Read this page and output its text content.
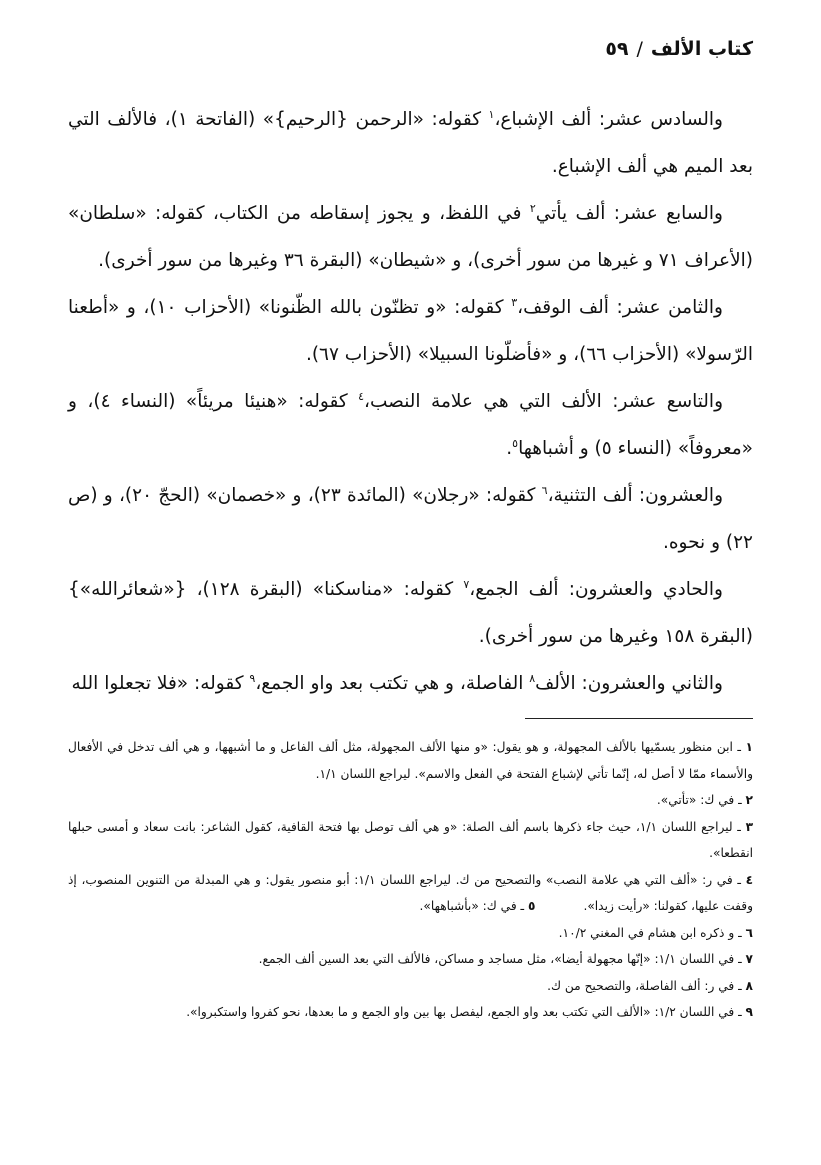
كتاب الألف/٥٩

والسادس عشر: ألف الإشباع،$^١$ كقوله: «الرحمن {الرحيم}» (الفاتحة ١)، فالألف التي بعد الميم هي ألف الإشباع.

والسابع عشر: ألف يأتي$^٢$ في اللفظ، و يجوز إسقاطه من الكتاب، كقوله: «سلطان» (الأعراف ٧١ و غيرها من سور أخرى)، و «شيطان» (البقرة ٣٦ وغيرها من سور أخرى).

والثامن عشر: ألف الوقف،$^٣$ كقوله: «و تظنّون بالله الظّنونا» (الأحزاب ١٠)، و «أطعنا الرّسولا» (الأحزاب ٦٦)، و «فأضلّونا السبيلا» (الأحزاب ٦٧).

والتاسع عشر: الألف التي هي علامة النصب،$^٤$ كقوله: «هنيئا مريئاً» (النساء ٤)، و «معروفاً» (النساء ٥) و أشباهها$^٥$.

والعشرون: ألف التثنية،$^٦$ كقوله: «رجلان» (المائدة ٢٣)، و «خصمان» (الحجّ ٢٠)، و (ص ٢٢) و نحوه.

والحادي والعشرون: ألف الجمع،$^٧$ كقوله: «مناسكنا» (البقرة ١٢٨)، {«شعائرالله»} (البقرة ١٥٨ وغيرها من سور أخرى).

والثاني والعشرون: الألف$^٨$ الفاصلة، و هي تكتب بعد واو الجمع،$^٩$ كقوله: «فلا تجعلوا الله

١ ـ ابن منظور يسمّيها بالألف المجهولة، و هو يقول: «و منها الألف المجهولة، مثل ألف الفاعل و ما أشبهها، و هي ألف تدخل في الأفعال والأسماء ممّا لا أصل له، إنّما تأتي لإشباع الفتحة في الفعل والاسم». ليراجع اللسان ١/١.

٢ ـ في ك: «تأتي».

٣ ـ ليراجع اللسان ١/١، حيث جاء ذكرها باسم ألف الصلة: «و هي ألف توصل بها فتحة القافية، كقول الشاعر: بانت سعاد و أمسى حبلها انقطعا».

٤ ـ في ر: «ألف التي هي علامة النصب» والتصحيح من ك. ليراجع اللسان ١/١: أبو منصور يقول: و هي المبدلة من التنوين المنصوب، إذ وقفت عليها، كقولنا: «رأيت زيدا».٥ ـ في ك: «بأشباهها».

٦ ـ و ذكره ابن هشام في المغني ١٠/٢.

٧ ـ في اللسان ١/١: «إنّها مجهولة أيضا»، مثل مساجد و مساكن، فالألف التي بعد السين ألف الجمع.

٨ ـ في ر: ألف الفاصلة، والتصحيح من ك.

٩ ـ في اللسان ١/٢: «الألف التي تكتب بعد واو الجمع، ليفصل بها بين واو الجمع و ما بعدها، نحو كفروا واستكبروا».
